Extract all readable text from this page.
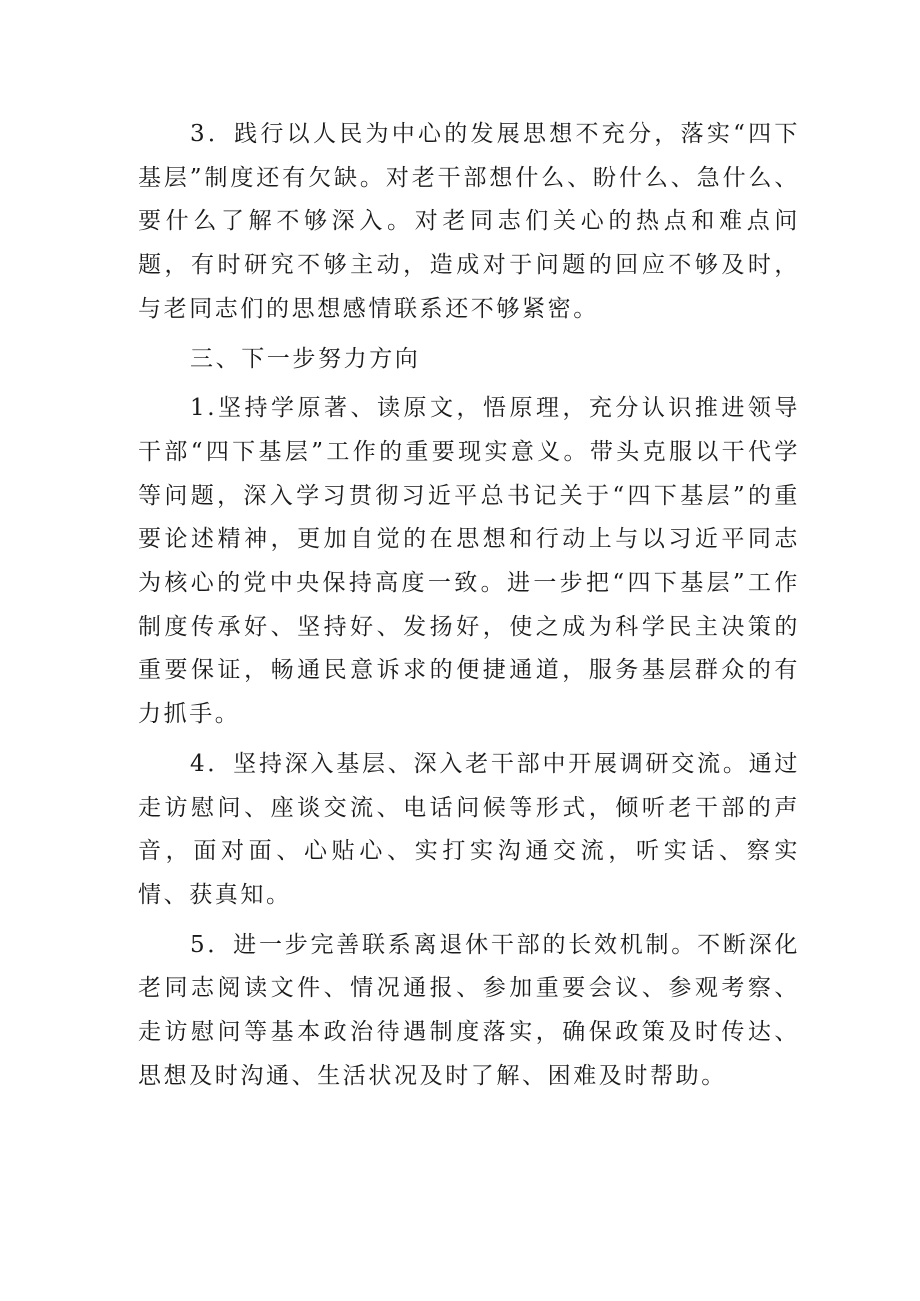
3．践行以人民为中心的发展思想不充分，落实“四下基层”制度还有欠缺。对老干部想什么、盼什么、急什么、要什么了解不够深入。对老同志们关心的热点和难点问题，有时研究不够主动，造成对于问题的回应不够及时，与老同志们的思想感情联系还不够紧密。

三、下一步努力方向

1.坚持学原著、读原文，悟原理，充分认识推进领导干部“四下基层”工作的重要现实意义。带头克服以干代学等问题，深入学习贯彻习近平总书记关于“四下基层”的重要论述精神，更加自觉的在思想和行动上与以习近平同志为核心的党中央保持高度一致。进一步把“四下基层”工作制度传承好、坚持好、发扬好，使之成为科学民主决策的重要保证，畅通民意诉求的便捷通道，服务基层群众的有力抓手。

4．坚持深入基层、深入老干部中开展调研交流。通过走访慰问、座谈交流、电话问候等形式，倾听老干部的声音，面对面、心贴心、实打实沟通交流，听实话、察实情、获真知。

5．进一步完善联系离退休干部的长效机制。不断深化老同志阅读文件、情况通报、参加重要会议、参观考察、走访慰问等基本政治待遇制度落实，确保政策及时传达、思想及时沟通、生活状况及时了解、困难及时帮助。
